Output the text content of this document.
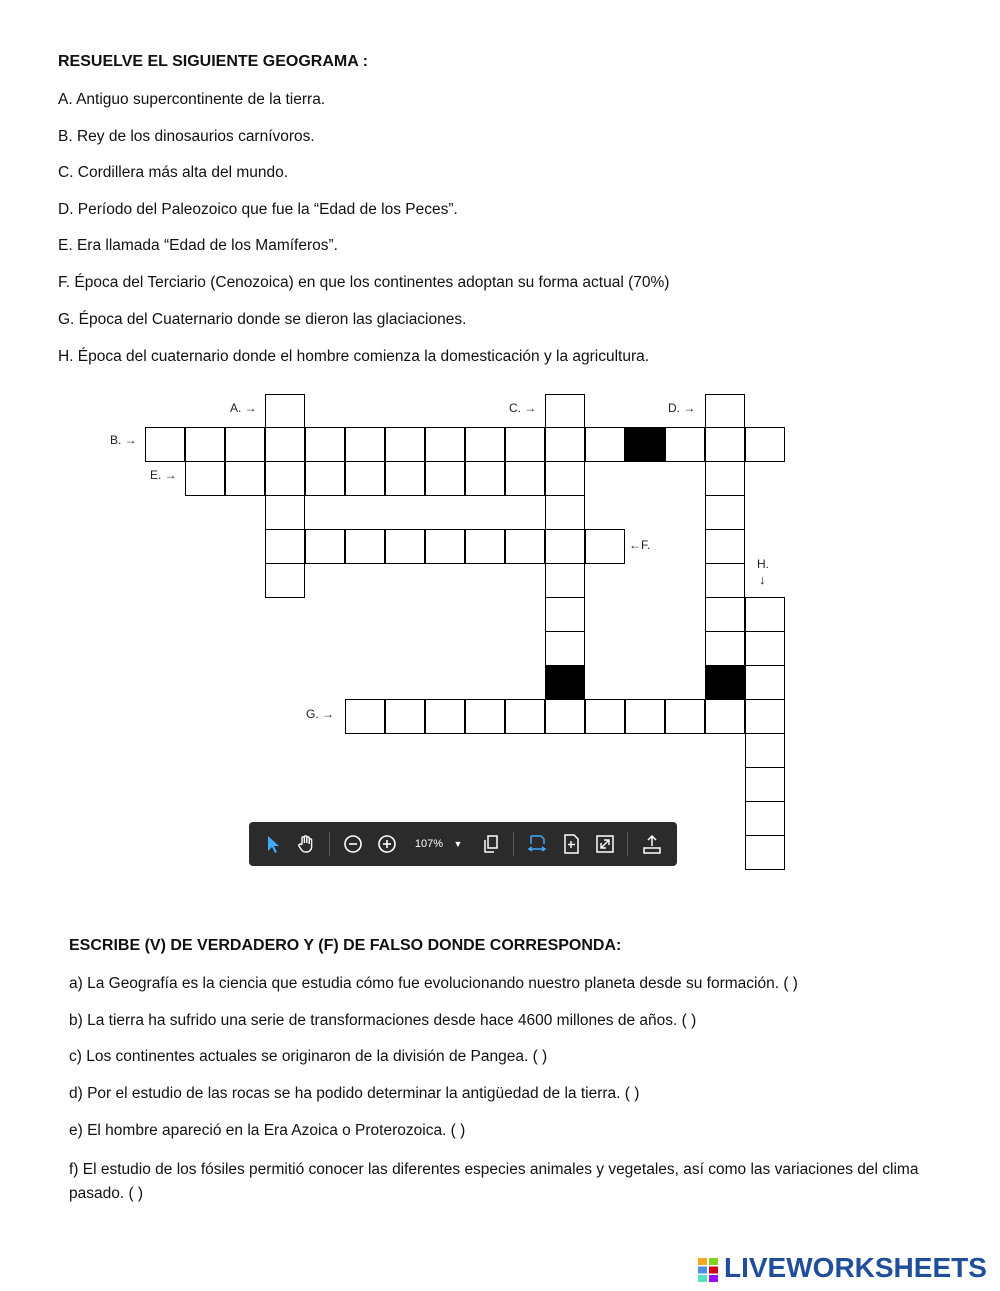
RESUELVE EL SIGUIENTE GEOGRAMA :
A. Antiguo supercontinente de la tierra.
B. Rey de los dinosaurios carnívoros.
C. Cordillera más alta del mundo.
D. Período del Paleozoico que fue la “Edad de los Peces”.
E. Era llamada “Edad de los Mamíferos”.
F. Época del Terciario (Cenozoica) en que los continentes adoptan su forma actual (70%)
G. Época del Cuaternario donde se dieron las glaciaciones.
H. Época del cuaternario donde el hombre comienza la domesticación y la agricultura.
A. →
B. →
C. →	D. →
E. →
←F.
G. →
H.
↓
107%	▼
ESCRIBE (V) DE VERDADERO Y (F) DE FALSO DONDE CORRESPONDA:
a) La Geografía es la ciencia que estudia cómo fue evolucionando nuestro planeta desde su formación. ( )
b) La tierra ha sufrido una serie de transformaciones desde hace 4600 millones de años. ( )
c) Los continentes actuales se originaron de la división de Pangea. ( )
d) Por el estudio de las rocas se ha podido determinar la antigüedad de la tierra. ( )
e) El hombre apareció en la Era Azoica o Proterozoica. ( )
f) El estudio de los fósiles permitió conocer las diferentes especies animales y vegetales, así como las variaciones del clima pasado. ( )
LIVEWORKSHEETS
